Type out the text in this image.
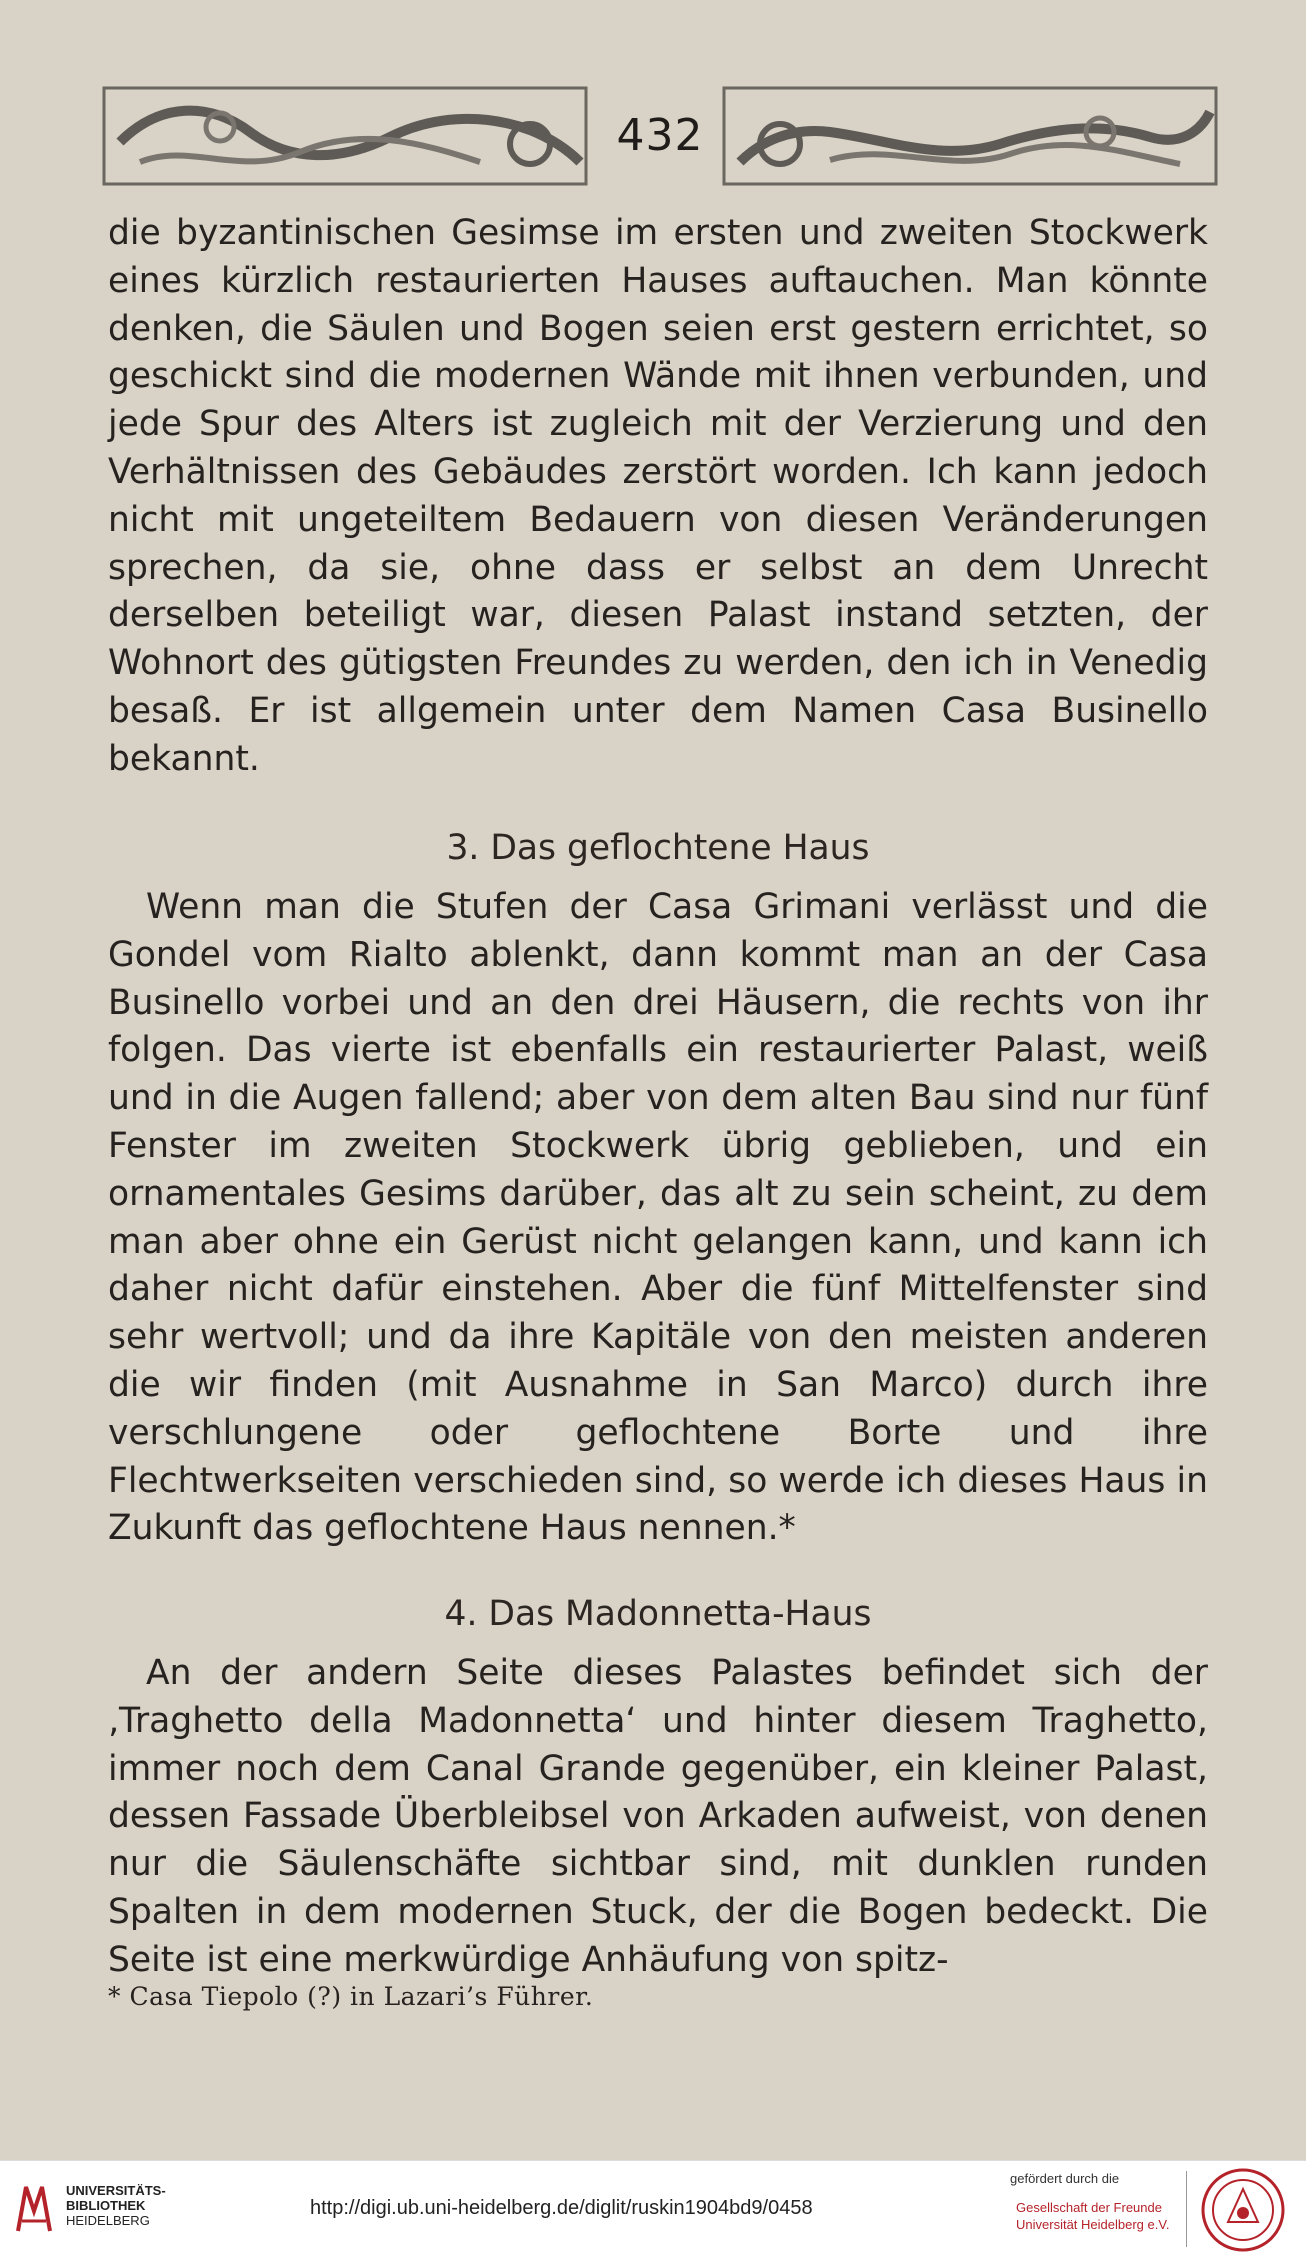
432

die byzantinischen Gesimse im ersten und zweiten Stockwerk eines kürzlich restaurierten Hauses auftauchen. Man könnte denken, die Säulen und Bogen seien erst gestern errichtet, so geschickt sind die modernen Wände mit ihnen verbunden, und jede Spur des Alters ist zugleich mit der Verzierung und den Verhältnissen des Gebäudes zerstört worden. Ich kann jedoch nicht mit ungeteiltem Bedauern von diesen Veränderungen sprechen, da sie, ohne dass er selbst an dem Unrecht derselben beteiligt war, diesen Palast instand setzten, der Wohnort des gütigsten Freundes zu werden, den ich in Venedig besaß. Er ist allgemein unter dem Namen Casa Businello bekannt.

3. Das geflochtene Haus

Wenn man die Stufen der Casa Grimani verlässt und die Gondel vom Rialto ablenkt, dann kommt man an der Casa Businello vorbei und an den drei Häusern, die rechts von ihr folgen. Das vierte ist ebenfalls ein restaurierter Palast, weiß und in die Augen fallend; aber von dem alten Bau sind nur fünf Fenster im zweiten Stockwerk übrig geblieben, und ein ornamentales Gesims darüber, das alt zu sein scheint, zu dem man aber ohne ein Gerüst nicht gelangen kann, und kann ich daher nicht dafür einstehen. Aber die fünf Mittelfenster sind sehr wertvoll; und da ihre Kapitäle von den meisten anderen die wir finden (mit Ausnahme in San Marco) durch ihre verschlungene oder geflochtene Borte und ihre Flechtwerkseiten verschieden sind, so werde ich dieses Haus in Zukunft das geflochtene Haus nennen.*

4. Das Madonnetta-Haus

An der andern Seite dieses Palastes befindet sich der ‚Traghetto della Madonnetta‘ und hinter diesem Traghetto, immer noch dem Canal Grande gegenüber, ein kleiner Palast, dessen Fassade Überbleibsel von Arkaden aufweist, von denen nur die Säulenschäfte sichtbar sind, mit dunklen runden Spalten in dem modernen Stuck, der die Bogen bedeckt. Die Seite ist eine merkwürdige Anhäufung von spitz-

* Casa Tiepolo (?) in Lazari’s Führer.
UNIVERSITÄTS-
BIBLIOTHEK
HEIDELBERG
http://digi.ub.uni-heidelberg.de/diglit/ruskin1904bd9/0458
gefördert durch die
Gesellschaft der Freunde
Universität Heidelberg e.V.
